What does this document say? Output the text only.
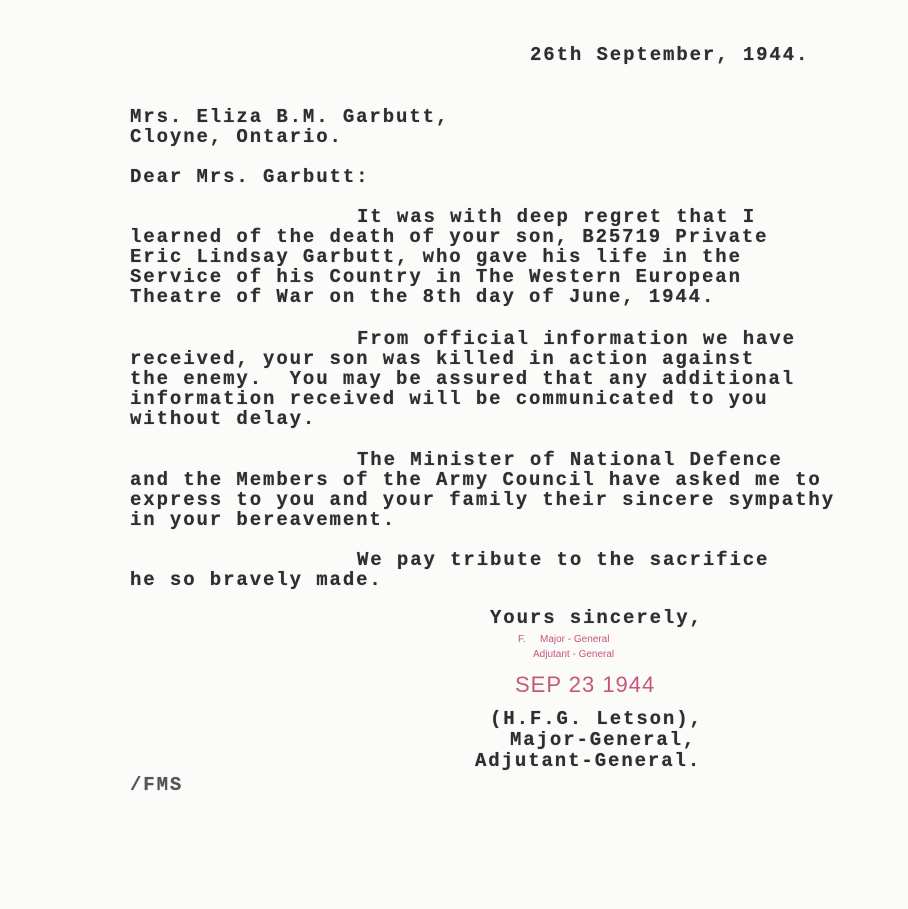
26th September, 1944.
Mrs. Eliza B.M. Garbutt,
Cloyne, Ontario.
Dear Mrs. Garbutt:
It was with deep regret that I
learned of the death of your son, B25719 Private
Eric Lindsay Garbutt, who gave his life in the
Service of his Country in The Western European
Theatre of War on the 8th day of June, 1944.
From official information we have
received, your son was killed in action against
the enemy.  You may be assured that any additional
information received will be communicated to you
without delay.
The Minister of National Defence
and the Members of the Army Council have asked me to
express to you and your family their sincere sympathy
in your bereavement.
We pay tribute to the sacrifice
he so bravely made.
Yours sincerely,
F. Major - General
Adjutant - General
SEP 23 1944
(H.F.G. Letson),
Major-General,
Adjutant-General.
/FMS
